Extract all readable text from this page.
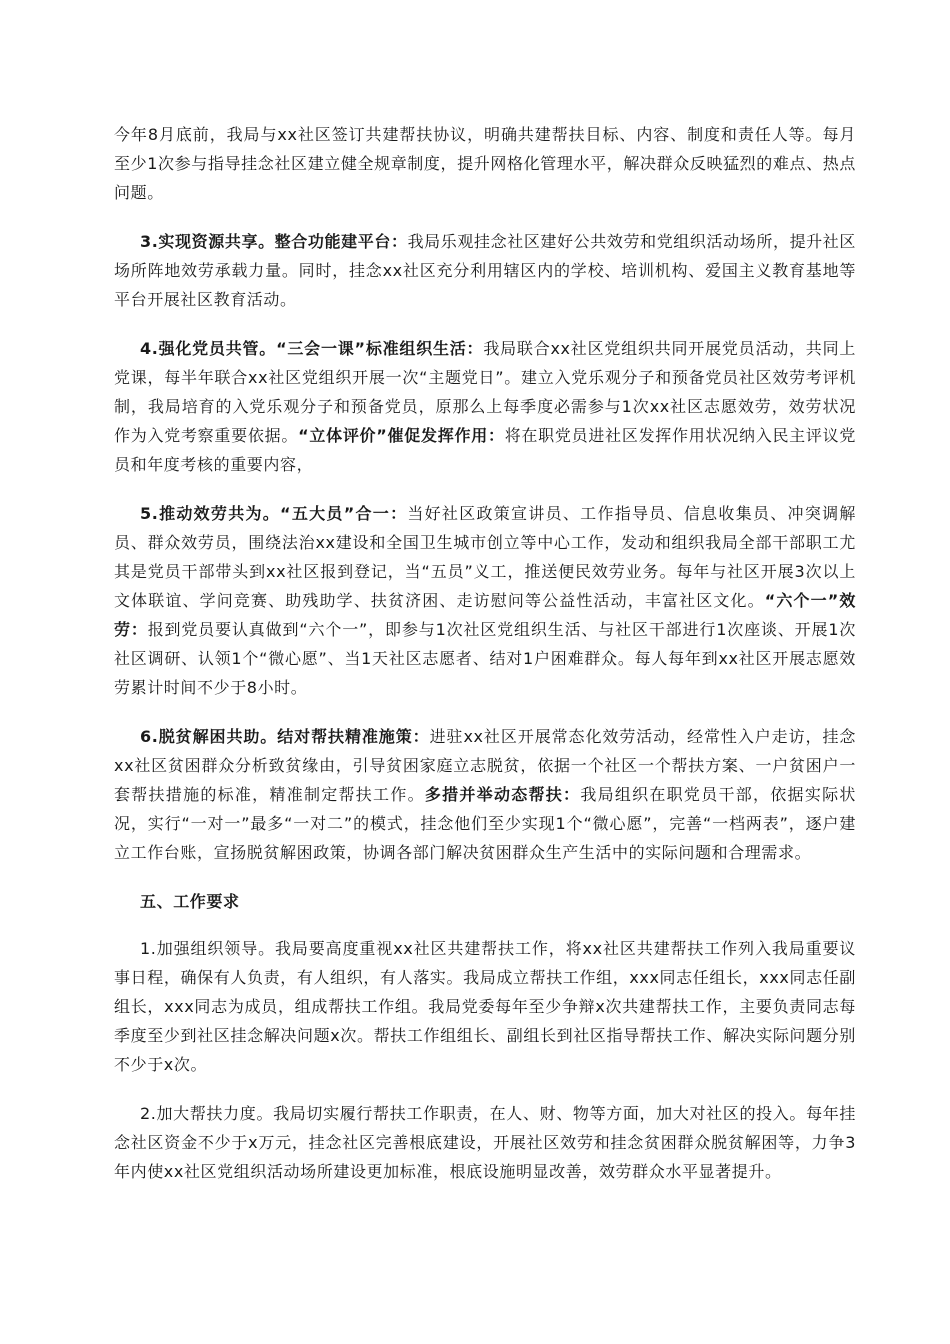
今年8月底前，我局与xx社区签订共建帮扶协议，明确共建帮扶目标、内容、制度和责任人等。每月至少1次参与指导挂念社区建立健全规章制度，提升网格化管理水平，解决群众反映猛烈的难点、热点问题。

3.实现资源共享。整合功能建平台：我局乐观挂念社区建好公共效劳和党组织活动场所，提升社区场所阵地效劳承载力量。同时，挂念xx社区充分利用辖区内的学校、培训机构、爱国主义教育基地等平台开展社区教育活动。

4.强化党员共管。“三会一课”标准组织生活：我局联合xx社区党组织共同开展党员活动，共同上党课，每半年联合xx社区党组织开展一次“主题党日”。建立入党乐观分子和预备党员社区效劳考评机制，我局培育的入党乐观分子和预备党员，原那么上每季度必需参与1次xx社区志愿效劳，效劳状况作为入党考察重要依据。“立体评价”催促发挥作用：将在职党员进社区发挥作用状况纳入民主评议党员和年度考核的重要内容，

5.推动效劳共为。“五大员”合一：当好社区政策宣讲员、工作指导员、信息收集员、冲突调解员、群众效劳员，围绕法治xx建设和全国卫生城市创立等中心工作，发动和组织我局全部干部职工尤其是党员干部带头到xx社区报到登记，当“五员”义工，推送便民效劳业务。每年与社区开展3次以上文体联谊、学问竞赛、助残助学、扶贫济困、走访慰问等公益性活动，丰富社区文化。“六个一”效劳：报到党员要认真做到“六个一”，即参与1次社区党组织生活、与社区干部进行1次座谈、开展1次社区调研、认领1个“微心愿”、当1天社区志愿者、结对1户困难群众。每人每年到xx社区开展志愿效劳累计时间不少于8小时。

6.脱贫解困共助。结对帮扶精准施策：进驻xx社区开展常态化效劳活动，经常性入户走访，挂念xx社区贫困群众分析致贫缘由，引导贫困家庭立志脱贫，依据一个社区一个帮扶方案、一户贫困户一套帮扶措施的标准，精准制定帮扶工作。多措并举动态帮扶：我局组织在职党员干部，依据实际状况，实行“一对一”最多“一对二”的模式，挂念他们至少实现1个“微心愿”，完善“一档两表”，逐户建立工作台账，宣扬脱贫解困政策，协调各部门解决贫困群众生产生活中的实际问题和合理需求。

五、工作要求

1.加强组织领导。我局要高度重视xx社区共建帮扶工作，将xx社区共建帮扶工作列入我局重要议事日程，确保有人负责，有人组织，有人落实。我局成立帮扶工作组，xxx同志任组长，xxx同志任副组长，xxx同志为成员，组成帮扶工作组。我局党委每年至少争辩x次共建帮扶工作，主要负责同志每季度至少到社区挂念解决问题x次。帮扶工作组组长、副组长到社区指导帮扶工作、解决实际问题分别不少于x次。

2.加大帮扶力度。我局切实履行帮扶工作职责，在人、财、物等方面，加大对社区的投入。每年挂念社区资金不少于x万元，挂念社区完善根底建设，开展社区效劳和挂念贫困群众脱贫解困等，力争3年内使xx社区党组织活动场所建设更加标准，根底设施明显改善，效劳群众水平显著提升。
